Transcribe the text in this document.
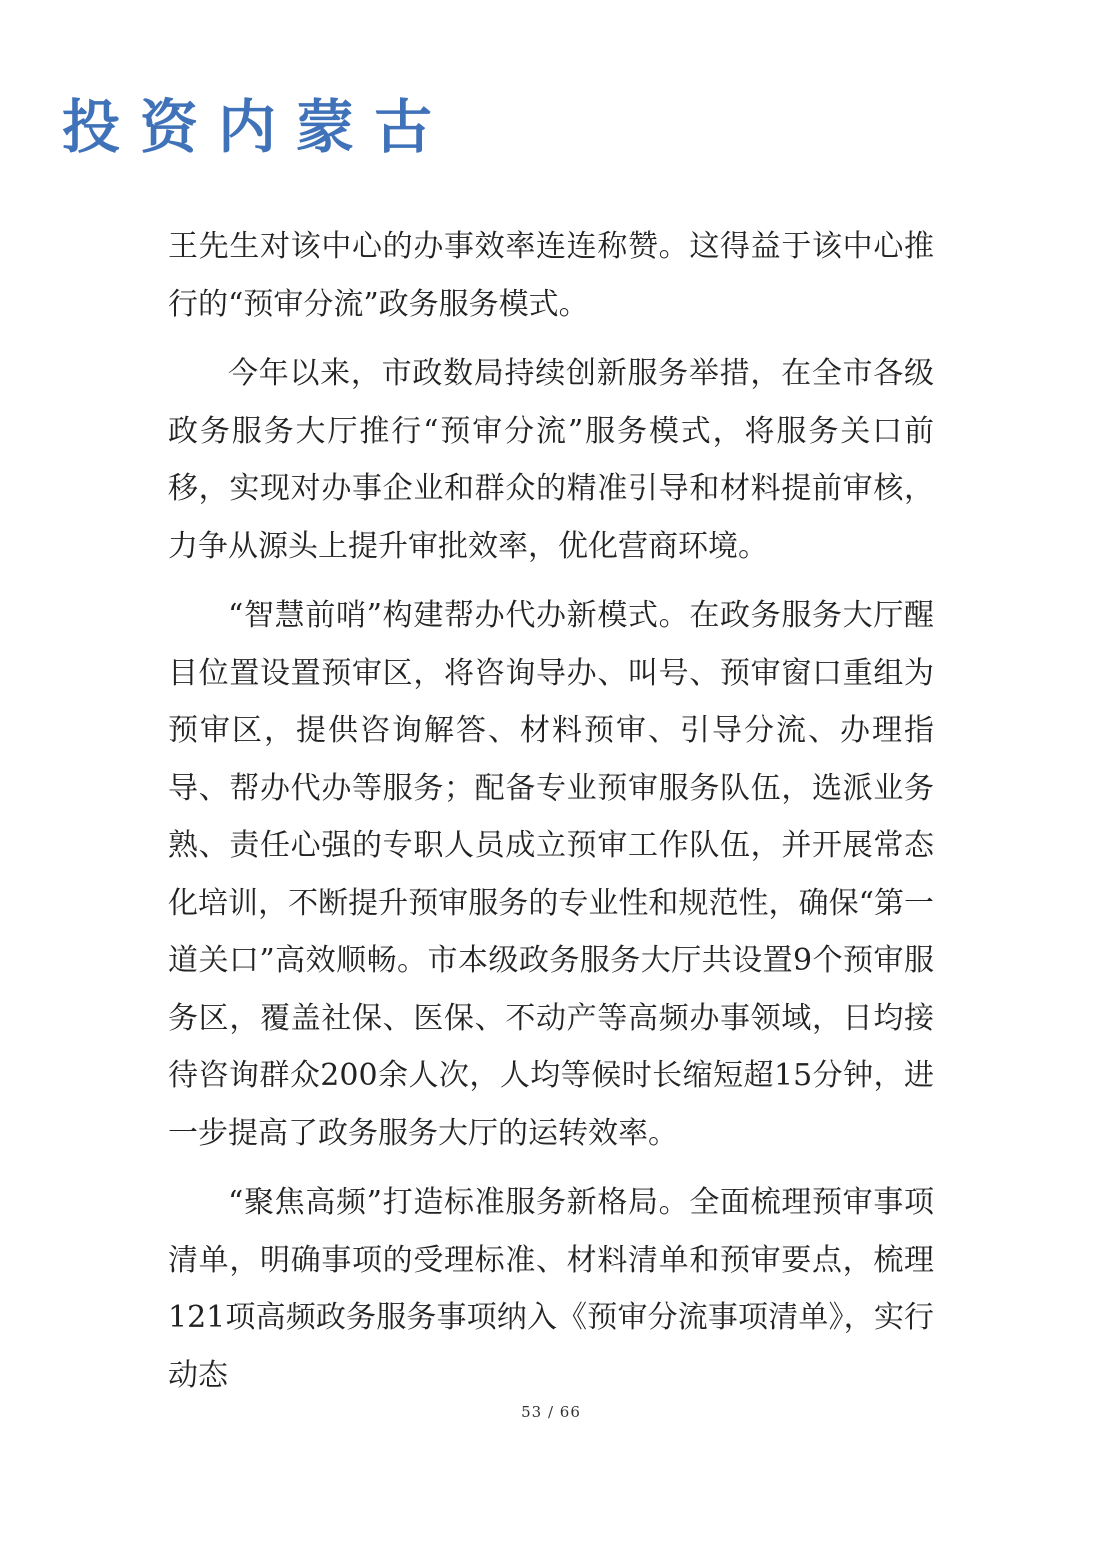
投资内蒙古

王先生对该中心的办事效率连连称赞。这得益于该中心推行的“预审分流”政务服务模式。

今年以来，市政数局持续创新服务举措，在全市各级政务服务大厅推行“预审分流”服务模式，将服务关口前移，实现对办事企业和群众的精准引导和材料提前审核，力争从源头上提升审批效率，优化营商环境。

“智慧前哨”构建帮办代办新模式。在政务服务大厅醒目位置设置预审区，将咨询导办、叫号、预审窗口重组为预审区，提供咨询解答、材料预审、引导分流、办理指导、帮办代办等服务；配备专业预审服务队伍，选派业务熟、责任心强的专职人员成立预审工作队伍，并开展常态化培训，不断提升预审服务的专业性和规范性，确保“第一道关口”高效顺畅。市本级政务服务大厅共设置9个预审服务区，覆盖社保、医保、不动产等高频办事领域，日均接待咨询群众200余人次，人均等候时长缩短超15分钟，进一步提高了政务服务大厅的运转效率。

“聚焦高频”打造标准服务新格局。全面梳理预审事项清单，明确事项的受理标准、材料清单和预审要点，梳理121项高频政务服务事项纳入《预审分流事项清单》，实行动态

53 / 66
